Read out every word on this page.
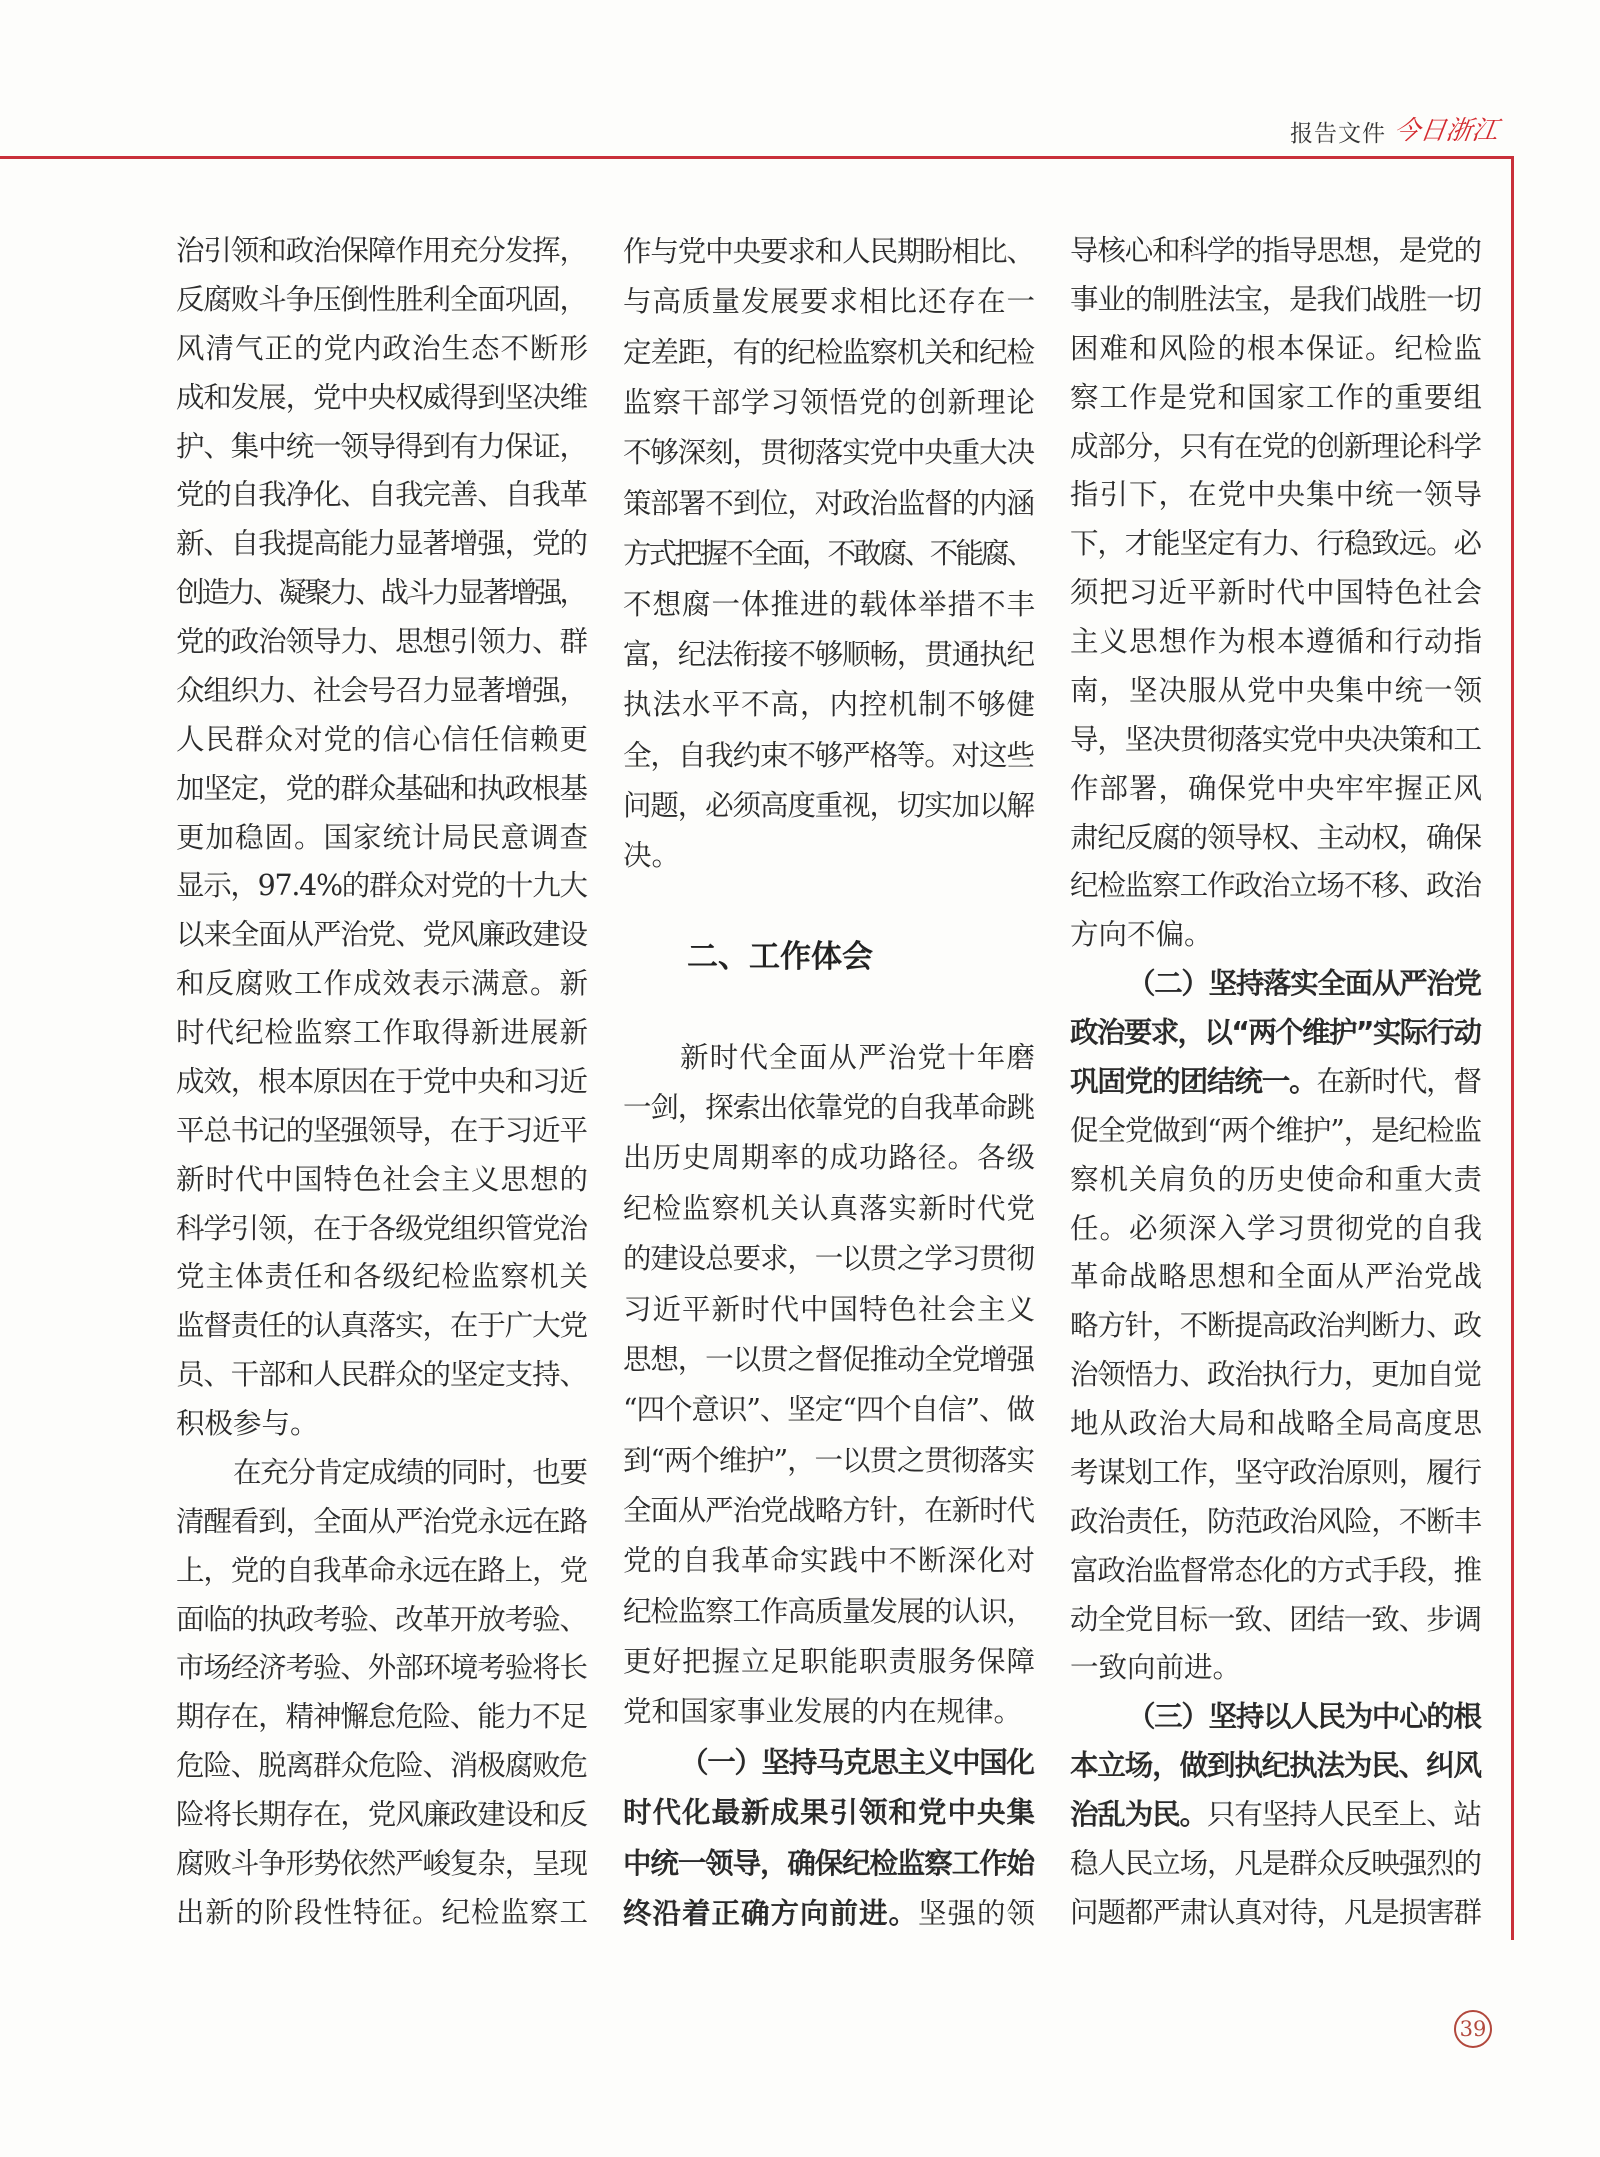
报告文件 今日浙江
治引领和政治保障作用充分发挥，
反腐败斗争压倒性胜利全面巩固，
风清气正的党内政治生态不断形
成和发展，党中央权威得到坚决维
护、集中统一领导得到有力保证，
党的自我净化、自我完善、自我革
新、自我提高能力显著增强，党的
创造力、凝聚力、战斗力显著增强，
党的政治领导力、思想引领力、群
众组织力、社会号召力显著增强，
人民群众对党的信心信任信赖更
加坚定，党的群众基础和执政根基
更加稳固。国家统计局民意调查
显示，97.4%的群众对党的十九大
以来全面从严治党、党风廉政建设
和反腐败工作成效表示满意。新
时代纪检监察工作取得新进展新
成效，根本原因在于党中央和习近
平总书记的坚强领导，在于习近平
新时代中国特色社会主义思想的
科学引领，在于各级党组织管党治
党主体责任和各级纪检监察机关
监督责任的认真落实，在于广大党
员、干部和人民群众的坚定支持、
积极参与。
在充分肯定成绩的同时，也要
清醒看到，全面从严治党永远在路
上，党的自我革命永远在路上，党
面临的执政考验、改革开放考验、
市场经济考验、外部环境考验将长
期存在，精神懈怠危险、能力不足
危险、脱离群众危险、消极腐败危
险将长期存在，党风廉政建设和反
腐败斗争形势依然严峻复杂，呈现
出新的阶段性特征。纪检监察工
作与党中央要求和人民期盼相比、
与高质量发展要求相比还存在一
定差距，有的纪检监察机关和纪检
监察干部学习领悟党的创新理论
不够深刻，贯彻落实党中央重大决
策部署不到位，对政治监督的内涵
方式把握不全面，不敢腐、不能腐、
不想腐一体推进的载体举措不丰
富，纪法衔接不够顺畅，贯通执纪
执法水平不高，内控机制不够健
全，自我约束不够严格等。对这些
问题，必须高度重视，切实加以解
决。
二、工作体会
新时代全面从严治党十年磨
一剑，探索出依靠党的自我革命跳
出历史周期率的成功路径。各级
纪检监察机关认真落实新时代党
的建设总要求，一以贯之学习贯彻
习近平新时代中国特色社会主义
思想，一以贯之督促推动全党增强
“四个意识”、坚定“四个自信”、做
到“两个维护”，一以贯之贯彻落实
全面从严治党战略方针，在新时代
党的自我革命实践中不断深化对
纪检监察工作高质量发展的认识，
更好把握立足职能职责服务保障
党和国家事业发展的内在规律。
（一）坚持马克思主义中国化
时代化最新成果引领和党中央集
中统一领导，确保纪检监察工作始
终沿着正确方向前进。坚强的领
导核心和科学的指导思想，是党的
事业的制胜法宝，是我们战胜一切
困难和风险的根本保证。纪检监
察工作是党和国家工作的重要组
成部分，只有在党的创新理论科学
指引下，在党中央集中统一领导
下，才能坚定有力、行稳致远。必
须把习近平新时代中国特色社会
主义思想作为根本遵循和行动指
南，坚决服从党中央集中统一领
导，坚决贯彻落实党中央决策和工
作部署，确保党中央牢牢握正风
肃纪反腐的领导权、主动权，确保
纪检监察工作政治立场不移、政治
方向不偏。
（二）坚持落实全面从严治党
政治要求，以“两个维护”实际行动
巩固党的团结统一。在新时代，督
促全党做到“两个维护”，是纪检监
察机关肩负的历史使命和重大责
任。必须深入学习贯彻党的自我
革命战略思想和全面从严治党战
略方针，不断提高政治判断力、政
治领悟力、政治执行力，更加自觉
地从政治大局和战略全局高度思
考谋划工作，坚守政治原则，履行
政治责任，防范政治风险，不断丰
富政治监督常态化的方式手段，推
动全党目标一致、团结一致、步调
一致向前进。
（三）坚持以人民为中心的根
本立场，做到执纪执法为民、纠风
治乱为民。只有坚持人民至上、站
稳人民立场，凡是群众反映强烈的
问题都严肃认真对待，凡是损害群
39
